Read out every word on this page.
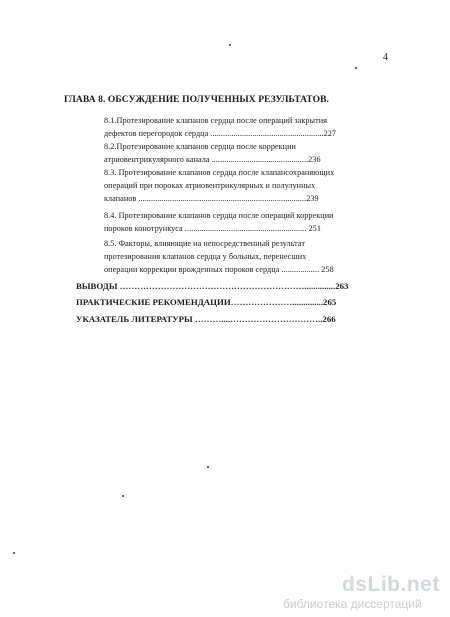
4
ГЛАВА 8. ОБСУЖДЕНИЕ ПОЛУЧЕННЫХ РЕЗУЛЬТАТОВ.
8.1.Протезирование клапанов сердца после операций закрытия
дефектов перегородок сердца ......................................................227
8.2.Протезирование клапанов сердца после коррекции
атриовентрикулярного канала ..............................................236
8.3. Протезирование клапанов сердца после клапансохраняющих
операций при пороках атриовентрикулярных и полулунных
клапанов ................................................................................239
8.4. Протезирование клапанов сердца после операций коррекции
пороков конотрункуса .......................................................... 251
8.5. Факторы, влияющие на непосредственный результат
протезирования клапанов сердца у больных, перенесших
операции коррекции врожденных пороков сердца .................. 258
ВЫВОДЫ ………………………………………………………..............263
ПРАКТИЧЕСКИЕ РЕКОМЕНДАЦИИ…………………..............265
УКАЗАТЕЛЬ ЛИТЕРАТУРЫ ………....…………………………..266
dsLib.net
библиотека диссертаций
